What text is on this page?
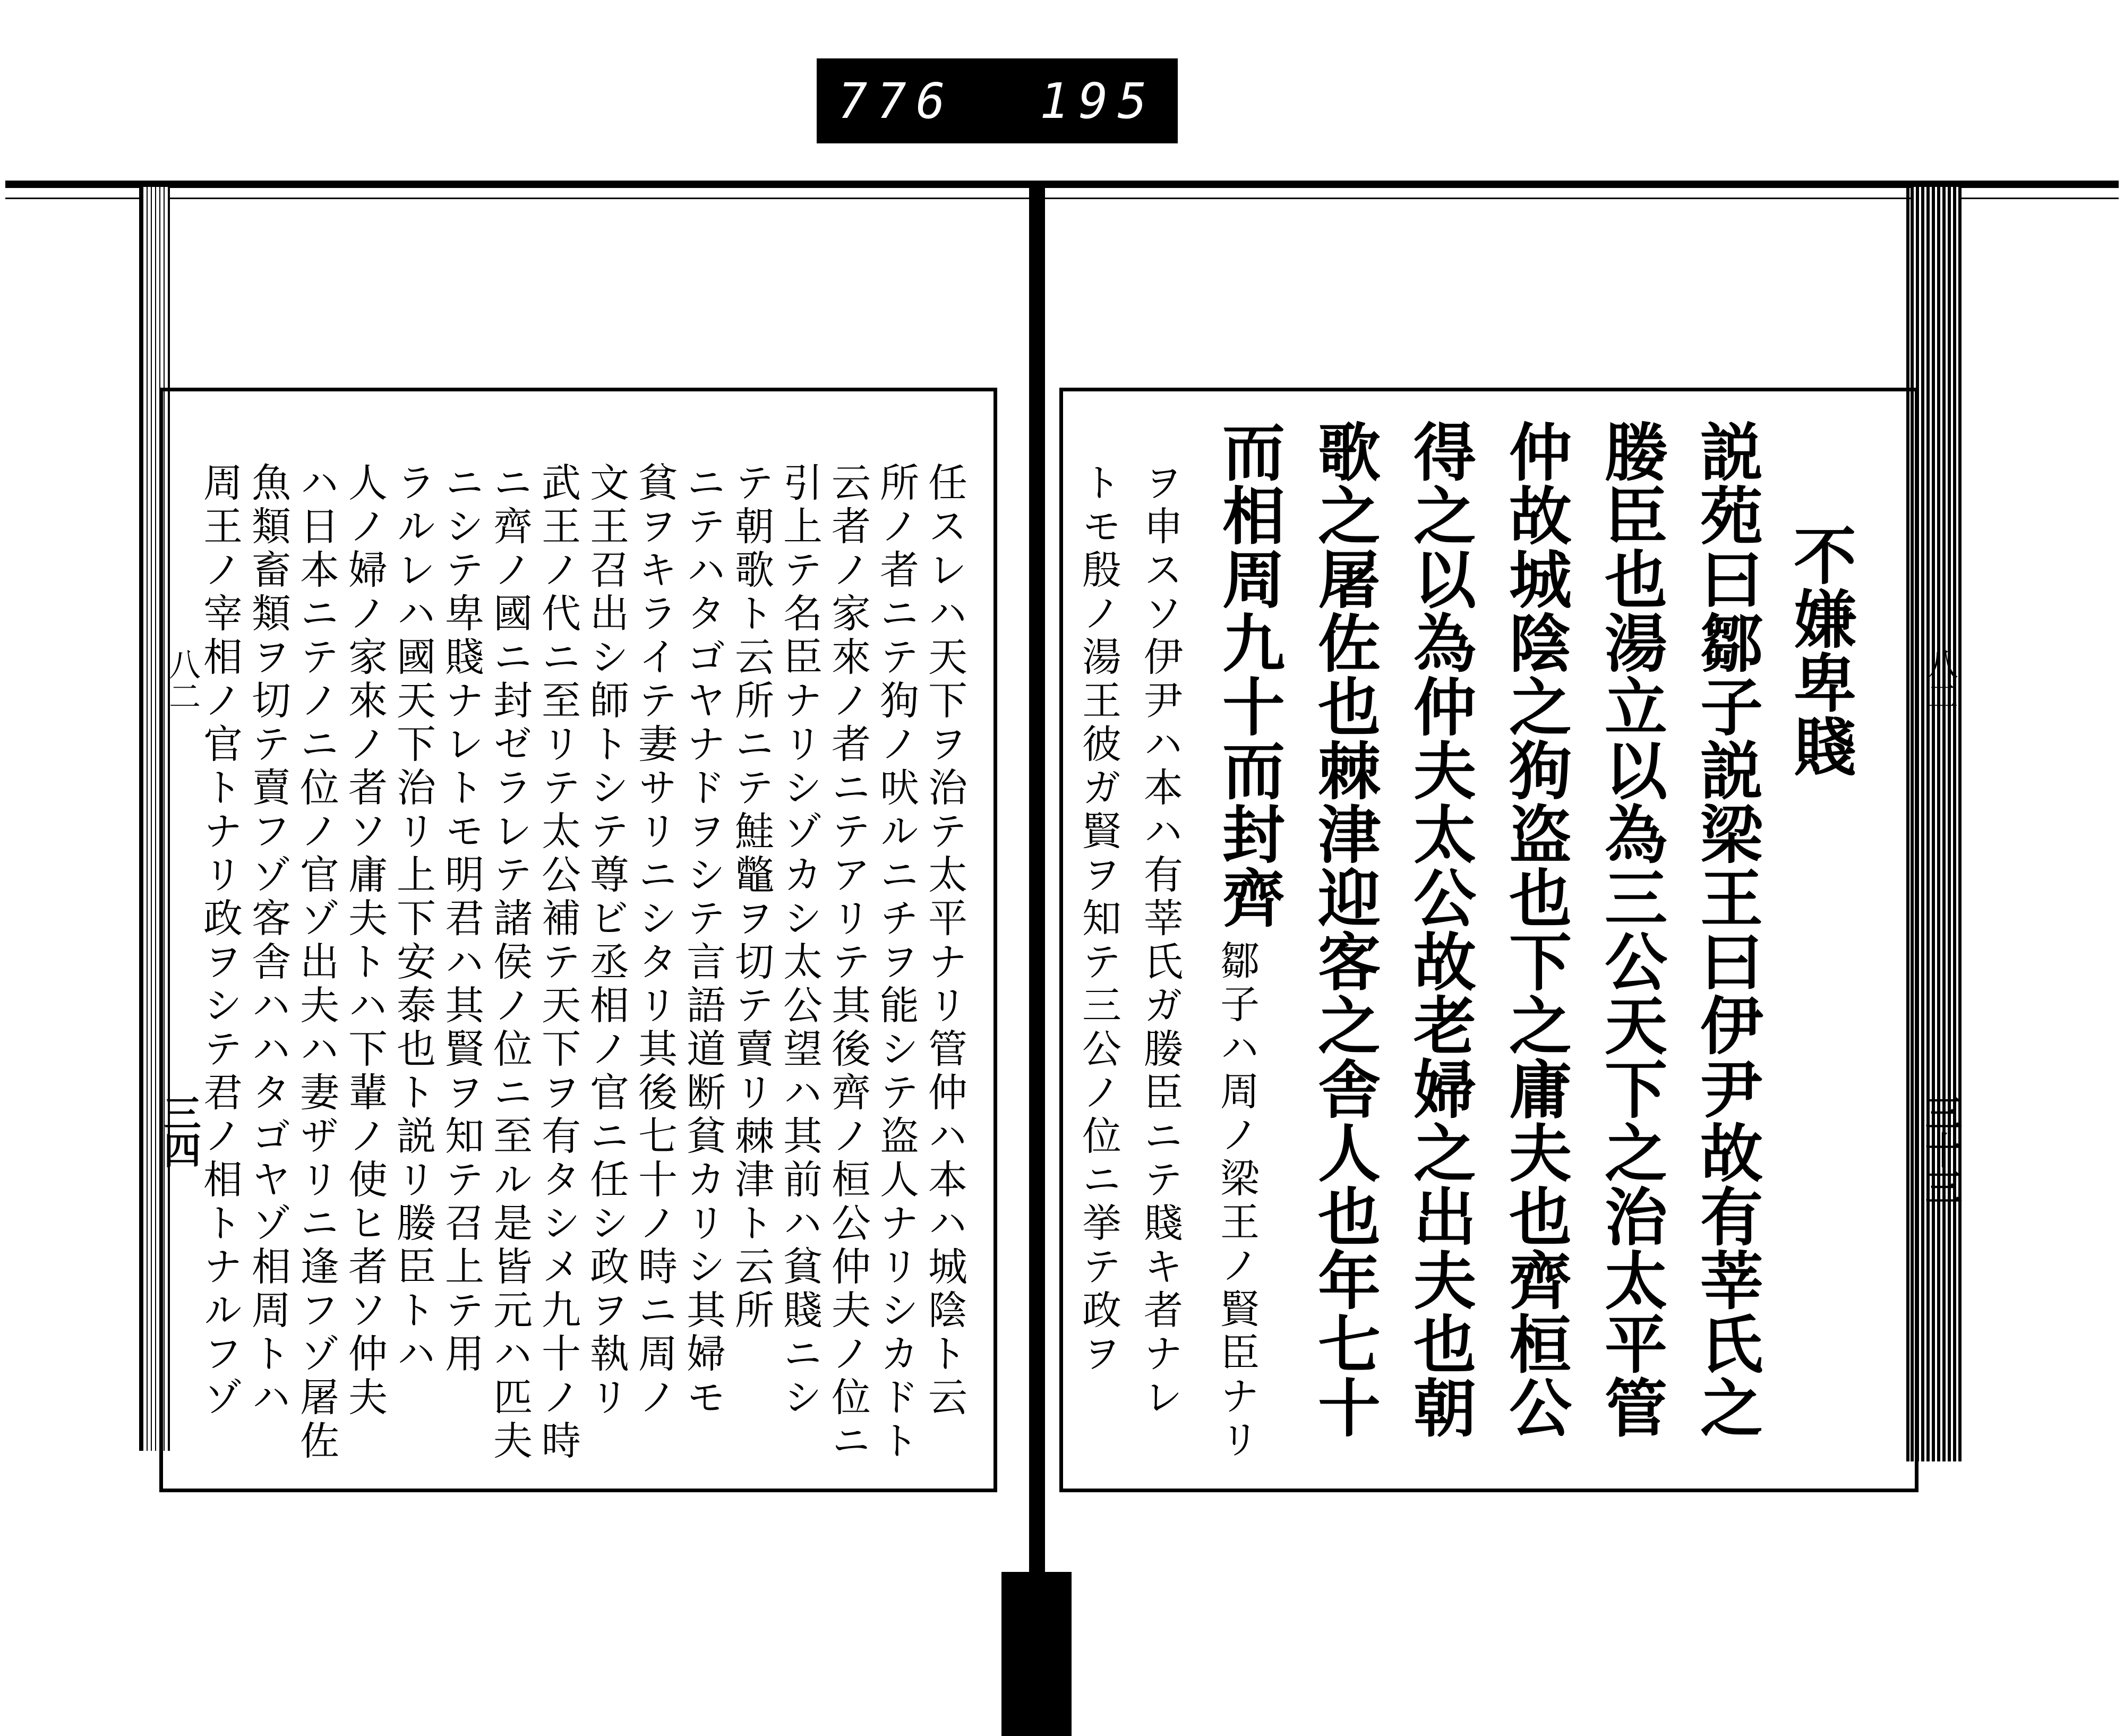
776 195
八二	八二
三四	三十三
不嫌卑賤
説苑曰鄒子説梁王曰伊尹故有莘氏之
媵臣也湯立以為三公天下之治太平管
仲故城陰之狗盗也下之庸夫也齊桓公
得之以為仲夫太公故老婦之出夫也朝
歌之屠佐也棘津迎客之舎人也年七十
而相周九十而封齊
鄒子ハ周ノ梁王ノ賢臣ナリ
ヲ申スソ伊尹ハ本ハ有莘氏ガ媵臣ニテ賤キ者ナレ
トモ殷ノ湯王彼ガ賢ヲ知テ三公ノ位ニ挙テ政ヲ
任スレハ天下ヲ治テ太平ナリ管仲ハ本ハ城陰ト云
所ノ者ニテ狗ノ吠ルニチヲ能シテ盗人ナリシカドト
云者ノ家來ノ者ニテアリテ其後齊ノ桓公仲夫ノ位ニ
引上テ名臣ナリシゾカシ太公望ハ其前ハ貧賤ニシ
テ朝歌ト云所ニテ鮭鼈ヲ切テ賣リ棘津ト云所
ニテハタゴヤナドヲシテ言語道断貧カリシ其婦モ
貧ヲキライテ妻サリニシタリ其後七十ノ時ニ周ノ
文王召出シ師トシテ尊ビ丞相ノ官ニ任シ政ヲ執リ
武王ノ代ニ至リテ太公補テ天下ヲ有タシメ九十ノ時
ニ齊ノ國ニ封ゼラレテ諸侯ノ位ニ至ル是皆元ハ匹夫
ニシテ卑賤ナレトモ明君ハ其賢ヲ知テ召上テ用
ラルレハ國天下治リ上下安泰也ト説リ媵臣トハ
人ノ婦ノ家來ノ者ソ庸夫トハ下輩ノ使ヒ者ソ仲夫
ハ日本ニテノニ位ノ官ゾ出夫ハ妻ザリニ逢フゾ屠佐
魚類畜類ヲ切テ賣フゾ客舎ハハタゴヤゾ相周トハ
周王ノ宰相ノ官トナリ政ヲシテ君ノ相トナルフゾ
